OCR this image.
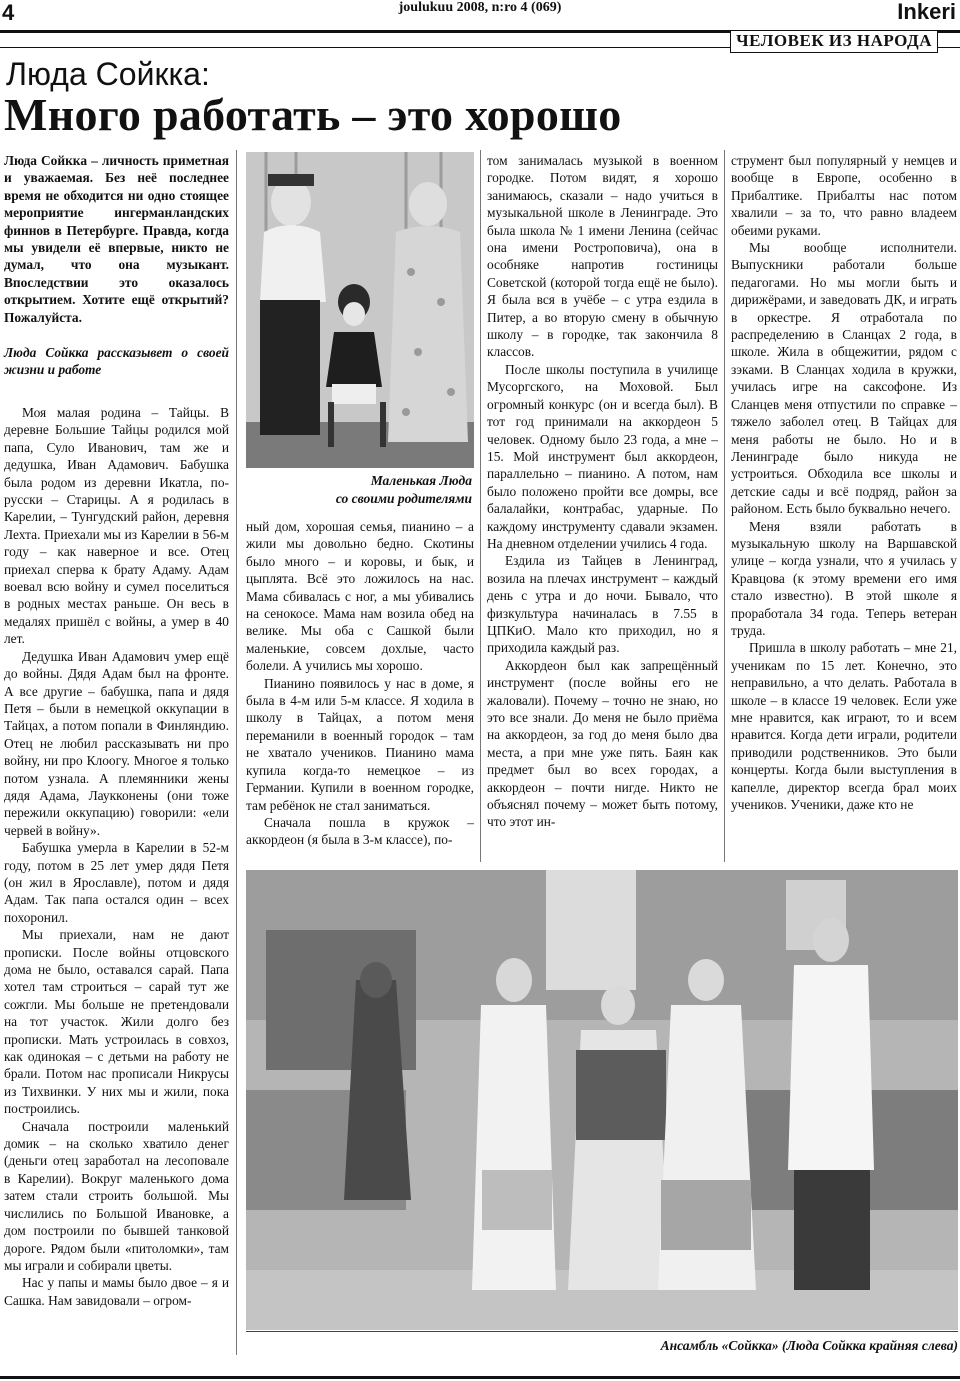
4	joulukuu 2008, n:ro 4 (069)	Inkeri
ЧЕЛОВЕК ИЗ НАРОДА
Люда Сойкка:
Много работать – это хорошо

Люда Сойкка – личность приметная и уважаемая. Без неё последнее время не обходится ни одно стоящее мероприятие ингерманландских финнов в Петербурге. Правда, когда мы увидели её впервые, никто не думал, что она музыкант. Впоследствии это оказалось открытием. Хотите ещё открытий? Пожалуйста.

Люда Сойкка рассказывет о своей жизни и работе

Моя малая родина – Тайцы. В деревне Большие Тайцы родился мой папа, Суло Иванович, там же и дедушка, Иван Адамович. Бабушка была родом из деревни Икатла, по-русски – Старицы. А я родилась в Карелии, – Тунгудский район, деревня Лехта. Приехали мы из Карелии в 56-м году – как наверное и все. Отец приехал сперва к брату Адаму. Адам воевал всю войну и сумел поселиться в родных местах раньше. Он весь в медалях пришёл с войны, а умер в 40 лет.

Дедушка Иван Адамович умер ещё до войны. Дядя Адам был на фронте. А все другие – бабушка, папа и дядя Петя – были в немецкой оккупации в Тайцах, а потом попали в Финляндию. Отец не любил рассказывать ни про войну, ни про Клоогу. Многое я только потом узнала. А племянники жены дядя Адама, Лаукконены (они тоже пережили оккупацию) говорили: «ели червей в войну».

Бабушка умерла в Карелии в 52-м году, потом в 25 лет умер дядя Петя (он жил в Ярославле), потом и дядя Адам. Так папа остался один – всех похоронил.

Мы приехали, нам не дают прописки. После войны отцовского дома не было, оставался сарай. Папа хотел там строиться – сарай тут же сожгли. Мы больше не претендовали на тот участок. Жили долго без прописки. Мать устроилась в совхоз, как одинокая – с детьми на работу не брали. Потом нас прописали Никрусы из Тихвинки. У них мы и жили, пока построились.

Сначала построили маленький домик – на сколько хватило денег (деньги отец заработал на лесоповале в Карелии). Вокруг маленького дома затем стали строить большой. Мы числились по Большой Ивановке, а дом построили по бывшей танковой дороге. Рядом были «питоломки», там мы играли и собирали цветы.

Нас у папы и мамы было двое – я и Сашка. Нам завидовали – огром-

Маленькая Люда
со своими родителями

ный дом, хорошая семья, пианино – а жили мы довольно бедно. Скотины было много – и коровы, и бык, и цыплята. Всё это ложилось на нас. Мама сбивалась с ног, а мы убивались на сенокосе. Мама нам возила обед на велике. Мы оба с Сашкой были маленькие, совсем дохлые, часто болели. А учились мы хорошо.

Пианино появилось у нас в доме, я была в 4-м или 5-м классе. Я ходила в школу в Тайцах, а потом меня переманили в военный городок – там не хватало учеников. Пианино мама купила когда-то немецкое – из Германии. Купили в военном городке, там ребёнок не стал заниматься.

Сначала пошла в кружок – аккордеон (я была в 3-м классе), по-

том занималась музыкой в военном городке. Потом видят, я хорошо занимаюсь, сказали – надо учиться в музыкальной школе в Ленинграде. Это была школа № 1 имени Ленина (сейчас она имени Ростроповича), она в особняке напротив гостиницы Советской (которой тогда ещё не было). Я была вся в учёбе – с утра ездила в Питер, а во вторую смену в обычную школу – в городке, так закончила 8 классов.

После школы поступила в училище Мусоргского, на Моховой. Был огромный конкурс (он и всегда был). В тот год принимали на аккордеон 5 человек. Одному было 23 года, а мне – 15. Мой инструмент был аккордеон, параллельно – пианино. А потом, нам было положено пройти все домры, все балалайки, контрабас, ударные. По каждому инструменту сдавали экзамен. На дневном отделении учились 4 года.

Ездила из Тайцев в Ленинград, возила на плечах инструмент – каждый день с утра и до ночи. Бывало, что физкультура начиналась в 7.55 в ЦПКиО. Мало кто приходил, но я приходила каждый раз.

Аккордеон был как запрещённый инструмент (после войны его не жаловали). Почему – точно не знаю, но это все знали. До меня не было приёма на аккордеон, за год до меня было два места, а при мне уже пять. Баян как предмет был во всех городах, а аккордеон – почти нигде. Никто не объяснял почему – может быть потому, что этот ин-

струмент был популярный у немцев и вообще в Европе, особенно в Прибалтике. Прибалты нас потом хвалили – за то, что равно владеем обеими руками.

Мы вообще исполнители. Выпускники работали больше педагогами. Но мы могли быть и дирижёрами, и заведовать ДК, и играть в оркестре. Я отработала по распределению в Сланцах 2 года, в школе. Жила в общежитии, рядом с зэками. В Сланцах ходила в кружки, училась игре на саксофоне. Из Сланцев меня отпустили по справке – тяжело заболел отец. В Тайцах для меня работы не было. Но и в Ленинграде было никуда не устроиться. Обходила все школы и детские сады и всё подряд, район за районом. Есть было буквально нечего.

Меня взяли работать в музыкальную школу на Варшавской улице – когда узнали, что я училась у Кравцова (к этому времени его имя стало известно). В этой школе я проработала 34 года. Теперь ветеран труда.

Пришла в школу работать – мне 21, ученикам по 15 лет. Конечно, это неправильно, а что делать. Работала в школе – в классе 19 человек. Если уже мне нравится, как играют, то и всем нравится. Когда дети играли, родители приводили родственников. Это были концерты. Когда были выступления в капелле, директор всегда брал моих учеников. Ученики, даже кто не

Ансамбль «Сойкка» (Люда Сойкка крайняя слева)
